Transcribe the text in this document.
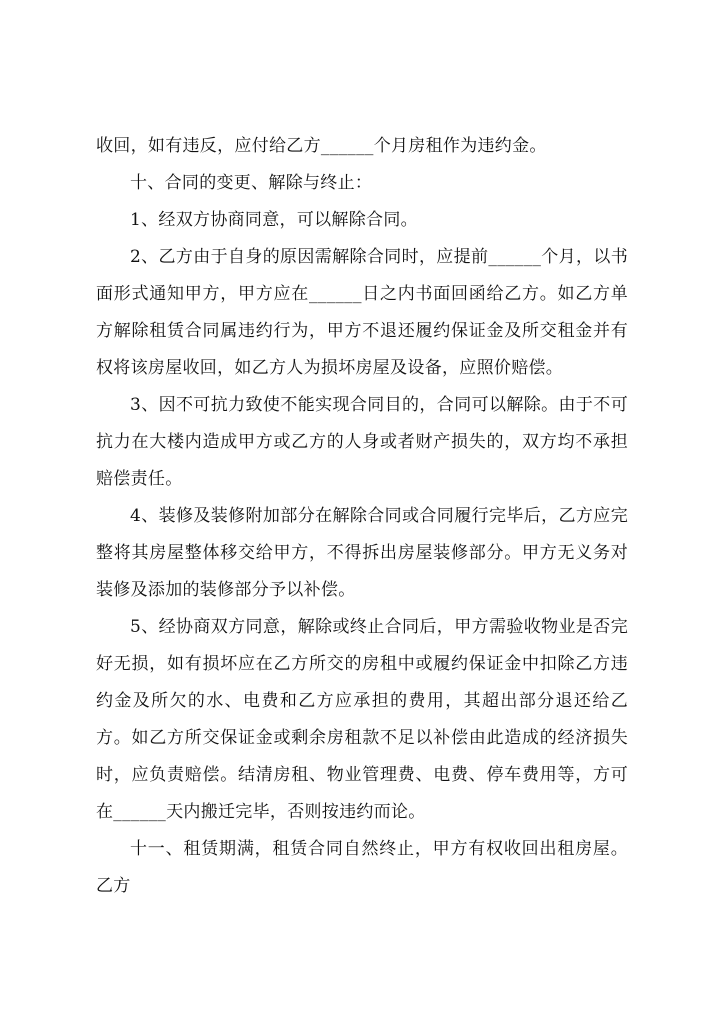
收回，如有违反，应付给乙方______个月房租作为违约金。

十、合同的变更、解除与终止：

1、经双方协商同意，可以解除合同。

2、乙方由于自身的原因需解除合同时，应提前______个月，以书面形式通知甲方，甲方应在______日之内书面回函给乙方。如乙方单方解除租赁合同属违约行为，甲方不退还履约保证金及所交租金并有权将该房屋收回，如乙方人为损坏房屋及设备，应照价赔偿。

3、因不可抗力致使不能实现合同目的，合同可以解除。由于不可抗力在大楼内造成甲方或乙方的人身或者财产损失的，双方均不承担赔偿责任。

4、装修及装修附加部分在解除合同或合同履行完毕后，乙方应完整将其房屋整体移交给甲方，不得拆出房屋装修部分。甲方无义务对装修及添加的装修部分予以补偿。

5、经协商双方同意，解除或终止合同后，甲方需验收物业是否完好无损，如有损坏应在乙方所交的房租中或履约保证金中扣除乙方违约金及所欠的水、电费和乙方应承担的费用，其超出部分退还给乙方。如乙方所交保证金或剩余房租款不足以补偿由此造成的经济损失时，应负责赔偿。结清房租、物业管理费、电费、停车费用等，方可在______天内搬迁完毕，否则按违约而论。

十一、租赁期满，租赁合同自然终止，甲方有权收回出租房屋。乙方
